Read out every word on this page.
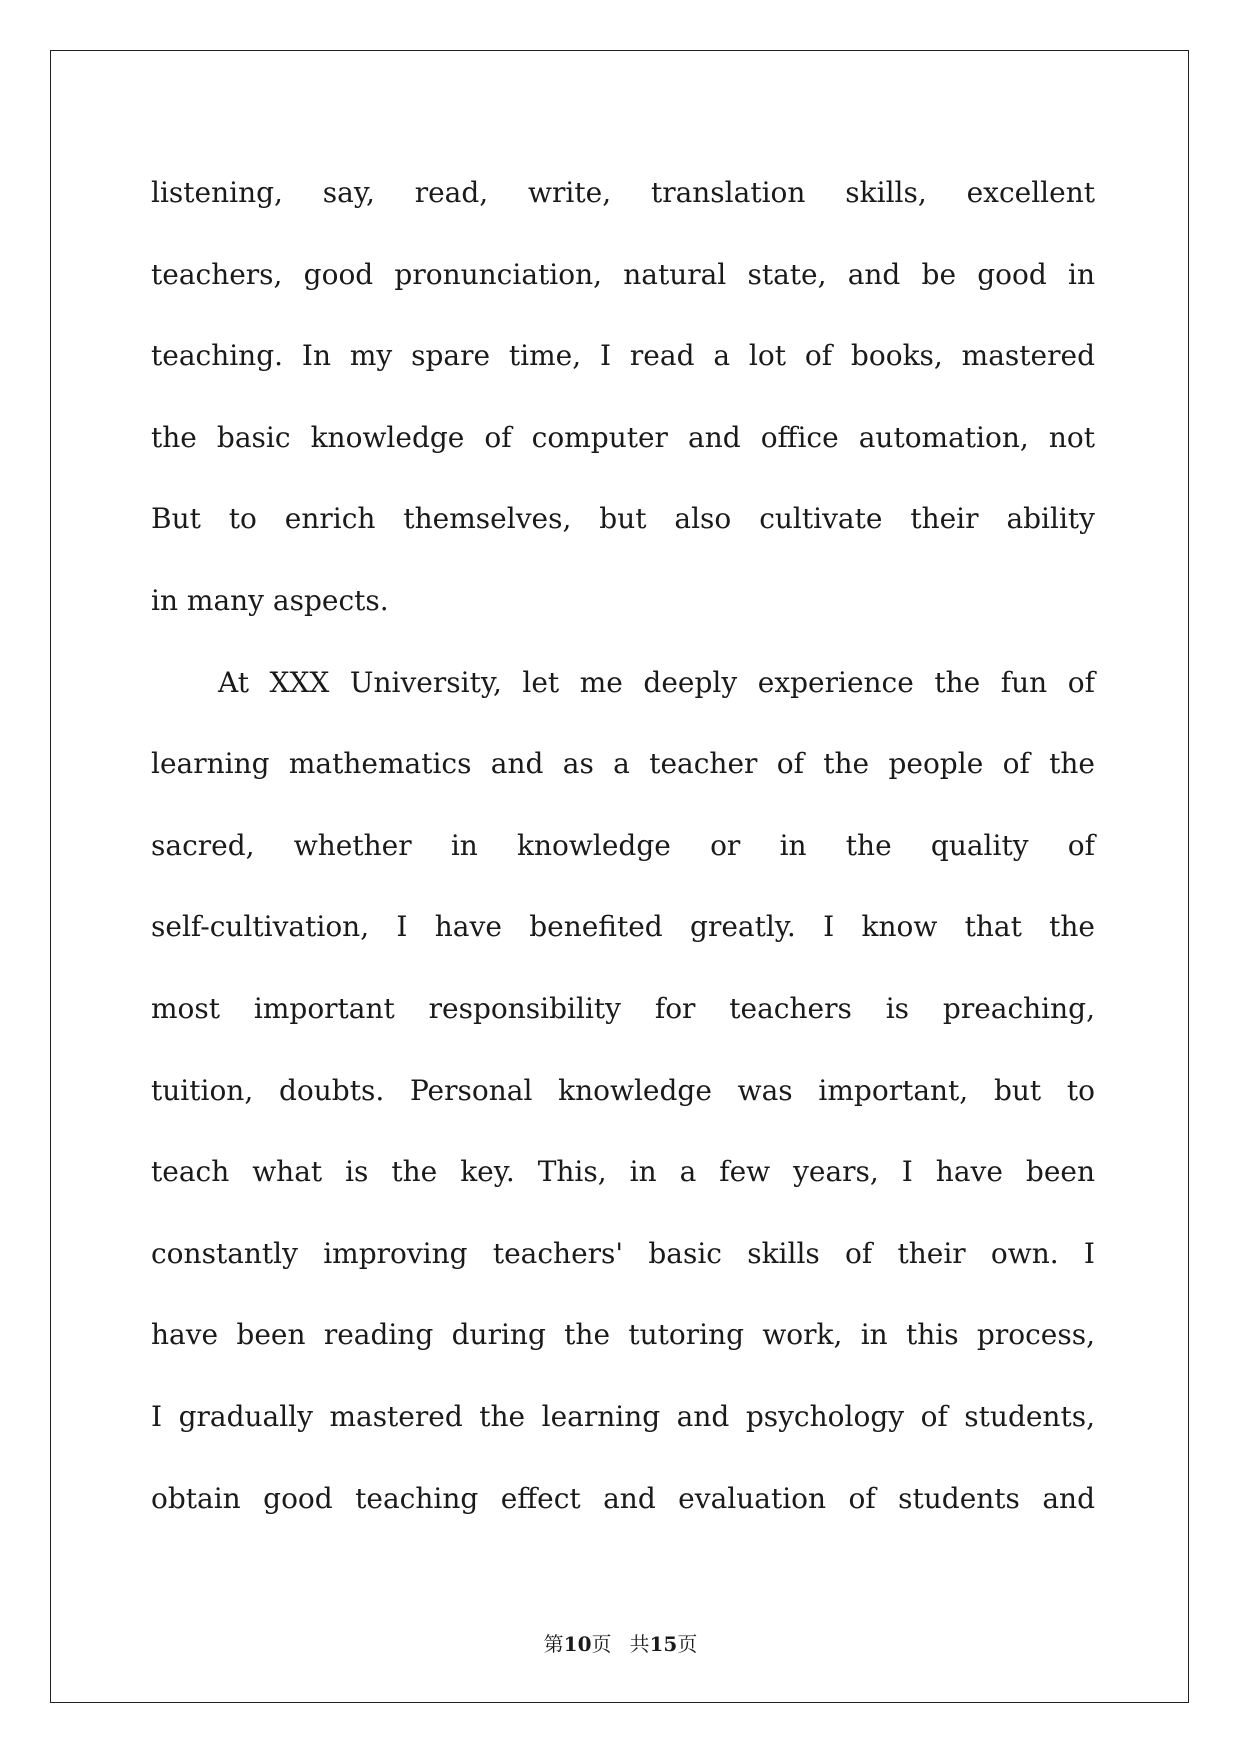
listening, say, read, write, translation skills, excellent
teachers, good pronunciation, natural state, and be good in
teaching. In my spare time, I read a lot of books, mastered
the basic knowledge of computer and office automation, not
But to enrich themselves, but also cultivate their ability
in many aspects.
At XXX University, let me deeply experience the fun of
learning mathematics and as a teacher of the people of the
sacred, whether in knowledge or in the quality of
self-cultivation, I have benefited greatly. I know that the
most important responsibility for teachers is preaching,
tuition, doubts. Personal knowledge was important, but to
teach what is the key. This, in a few years, I have been
constantly improving teachers' basic skills of their own. I
have been reading during the tutoring work, in this process,
I gradually mastered the learning and psychology of students,
obtain good teaching effect and evaluation of students and
第10页 共15页
